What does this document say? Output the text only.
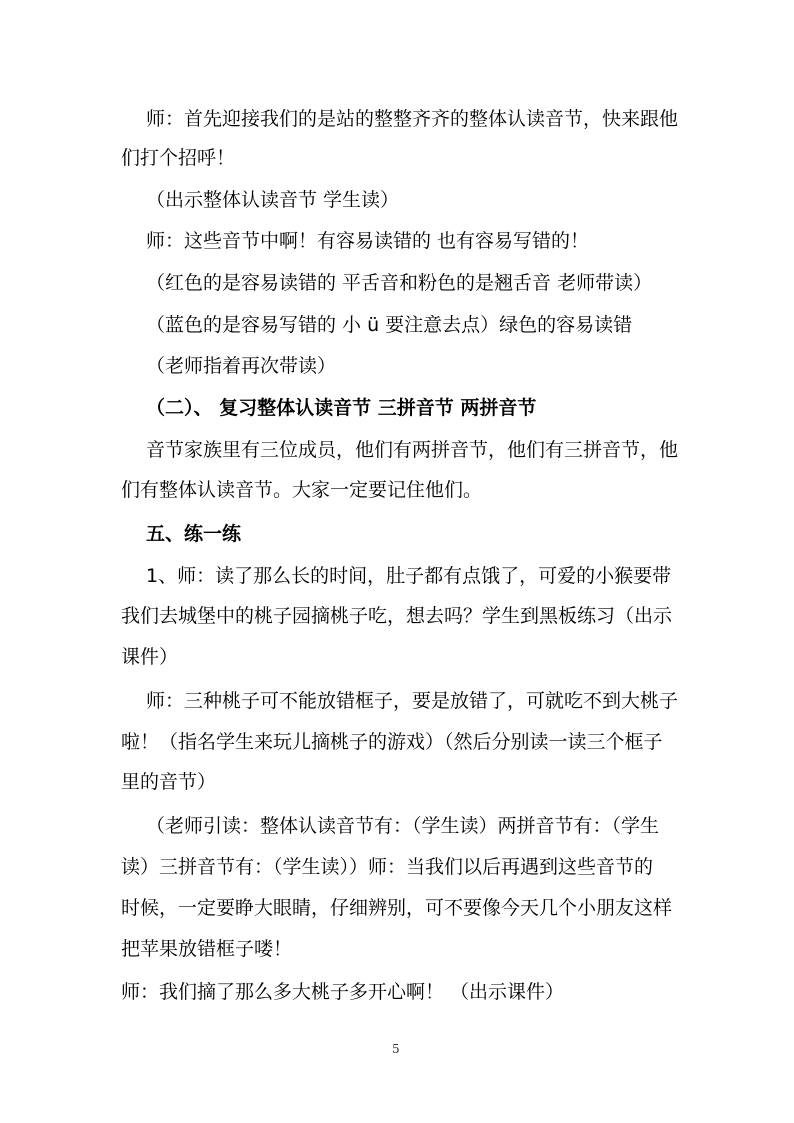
师：首先迎接我们的是站的整整齐齐的整体认读音节，快来跟他
们打个招呼！
（出示整体认读音节 学生读）
师：这些音节中啊！有容易读错的 也有容易写错的！
（红色的是容易读错的 平舌音和粉色的是翘舌音 老师带读）
（蓝色的是容易写错的 小 ü 要注意去点）绿色的容易读错
（老师指着再次带读）
（二）、 复习整体认读音节 三拼音节 两拼音节
音节家族里有三位成员，他们有两拼音节，他们有三拼音节，他
们有整体认读音节。大家一定要记住他们。
五、练一练
1、师：读了那么长的时间，肚子都有点饿了，可爱的小猴要带
我们去城堡中的桃子园摘桃子吃，想去吗？学生到黑板练习（出示
课件）
师：三种桃子可不能放错框子，要是放错了，可就吃不到大桃子
啦！（指名学生来玩儿摘桃子的游戏）（然后分别读一读三个框子
里的音节）
（老师引读：整体认读音节有：（学生读）两拼音节有：（学生
读）三拼音节有：（学生读））师：当我们以后再遇到这些音节的
时候，一定要睁大眼睛，仔细辨别，可不要像今天几个小朋友这样
把苹果放错框子喽！
师：我们摘了那么多大桃子多开心啊！ （出示课件）
5
